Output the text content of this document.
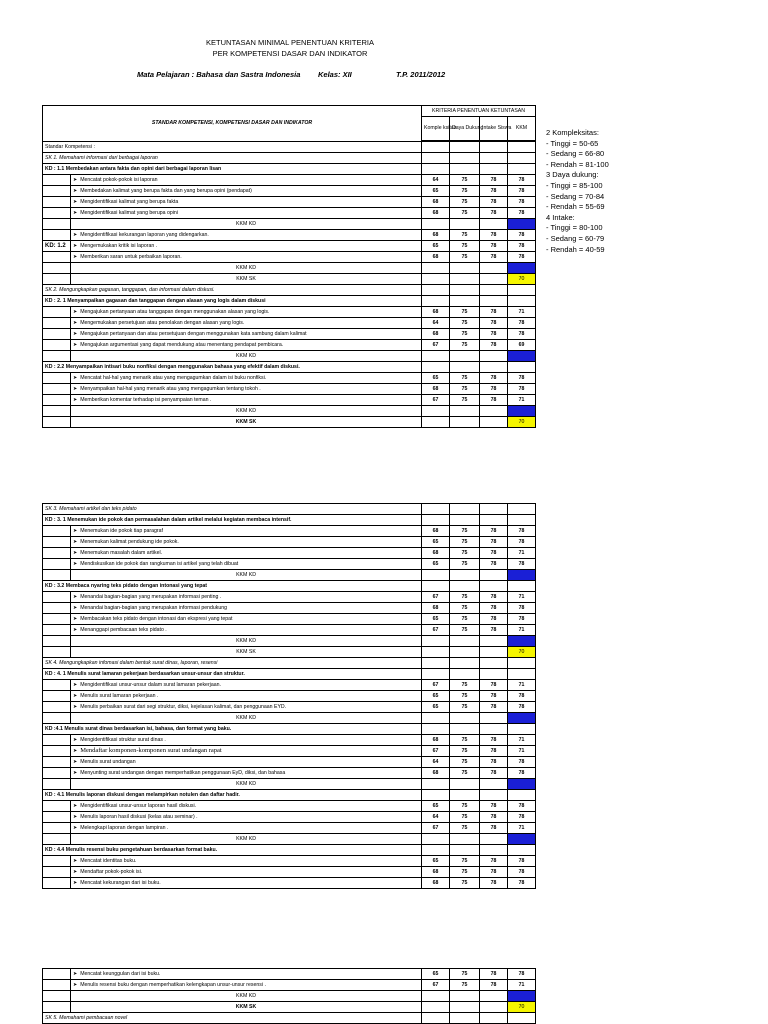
KETUNTASAN MINIMAL PENENTUAN KRITERIA
PER KOMPETENSI DASAR DAN INDIKATOR
Mata Pelajaran : Bahasa dan Sastra Indonesia Kelas: XII	T.P. 2011/2012
STANDAR KOMPETENSI, KOMPETENSI DASAR DAN INDIKATOR		KRITERIA PENENTUAN KETUNTASAN			
		Komple ksitas	Daya Dukung	Intake Siswa	KKM

Standar Kompetensi :					
SK 1. Memahami informasi dari berbagai laporan					
KD : 1.1 Membedakan antara fakta dan opini dari berbagai laporan lisan					
	➤ Mencatat pokok-pokok isi laporan	64	75	78	78
	➤ Membedakan kalimat yang berupa fakta dan yang berupa opini (pendapat)	65	75	78	78
	➤ Mengidentifikasi kalimat yang berupa fakta	68	75	78	78
	➤ Mengidentifikasi kalimat yang berupa opini	68	75	78	78
	KKM KD				
	➤ Mengidentifikasi kekurangan laporan yang didengarkan.	68	75	78	78
KD: 1.2	➤ Mengemukakan kritik isi laporan .	65	75	78	78
	➤ Memberikan saran untuk perbaikan laporan.	68	75	78	78
	KKM KD				
	KKM SK				70
SK 2. Mengungkapkan gagasan, tanggapan, dan informasi dalam diskusi.					
KD : 2. 1 Menyampaikan gagasan dan tanggapan dengan alasan yang logis dalam diskusi					
	➤ Mengajukan pertanyaan atau tanggapan dengan menggunakan alasan yang logis.	68	75	78	71
	➤ Mengemukakan persetujuan atau penolakan dengan alasan yang logis.	64	75	78	78
	➤ Mengajukan pertanyaan dan atau persetujuan dengan menggunakan kata sambung dalam kalimat	68	75	78	78
	➤ Mengajukan argumentasi yang dapat mendukung atau menentang pendapat pembicara.	67	75	78	69
	KKM KD				
KD : 2.2 Menyampaikan intisari buku nonfiksi dengan menggunakan bahasa yang efektif dalam diskusi.					
	➤ Mencatat hal-hal yang menarik atau yang mengagumkan dalam isi buku nonfiksi.	65	75	78	78
	➤ Menyampaikan hal-hal yang menarik atau yang mengagumkan tentang tokoh .	68	75	78	78
	➤ Memberikan komentar terhadap isi penyampaian teman .	67	75	78	71
	KKM KD				
	KKM SK				70
SK 3. Memahami artikel dan teks pidato					
KD : 3. 1 Menemukan ide pokok dan permasalahan dalam artikel melalui kegiatan membaca intensif.					
	➤ Menemukan ide pokok tiap paragraf	68	75	78	78
	➤ Menemukan kalimat pendukung ide pokok.	65	75	78	78
	➤ Menemukan masalah dalam artikel.	68	75	78	71
	➤ Mendiskusikan ide pokok dan rangkuman isi artikel yang telah dibuat	65	75	78	78
	KKM KD				
KD : 3.2 Membaca nyaring teks pidato dengan intonasi yang tepat					
	➤ Menandai bagian-bagian yang merupakan informasi penting .	67	75	78	71
	➤ Menandai bagian-bagian yang merupakan informasi pendukung	68	75	78	78
	➤ Membacakan teks pidato dengan intonasi dan ekspresi yang tepat	65	75	78	78
	➤ Menanggapi pembacaan teks pidato .	67	75	78	71
	KKM KD				
	KKM SK				70
SK 4. Mengungkapkan infomasi dalam bentuk surat dinas, laporan, resensi					
KD : 4. 1 Menulis surat lamaran pekerjaan berdasarkan unsur-unsur dan struktur.					
	➤ Mengidentifikasi unsur-unsur dalam surat lamaran pekerjaan.	67	75	78	71
	➤ Menulis surat lamaran pekerjaan .	65	75	78	78
	➤ Menulis perbaikan surat dari segi struktur, diksi, kejelasan kalimat, dan penggunaan EYD.	65	75	78	78
	KKM KD				
KD :4.1 Menulis surat dinas berdasarkan isi, bahasa, dan format yang baku.					
	➤ Mengidentifikasi struktur surat dinas .	68	75	78	71
	➤ Mendaftar komponen-komponen surat undangan rapat	67	75	78	71
	➤ Menulis surat undangan	64	75	78	78
	➤ Menyunting surat undangan dengan memperhatikan penggunaan EyD, diksi, dan bahasa	68	75	78	78
	KKM KD				
KD : 4.1 Menulis laporan diskusi dengan melampirkan notulen dan daftar hadir.					
	➤ Mengidentifikasi unsur-unsur laporan hasil diskusi.	65	75	78	78
	➤ Menulis laporan hasil diskusi (kelas atau seminar) .	64	75	78	78
	➤ Melengkapi laporan dengan lampiran .	67	75	78	71
	KKM KD				
KD : 4.4 Menulis resensi buku pengetahuan berdasarkan format baku.					
	➤ Mencatat identitas buku.	65	75	78	78
	➤ Mendaftar pokok-pokok isi.	68	75	78	78
	➤ Mencatat kekurangan dari isi buku.	68	75	78	78
	➤ Mencatat keunggulan dari isi buku.	65	75	78	78
	➤ Menulis resensi buku dengan memperhatikan kelengkapan unsur-unsur resensi .	67	75	78	71
	KKM KD				
	KKM SK				70
SK 5. Memahami pembacaan novel					
2 Kompleksitas:
- Tinggi = 50-65
- Sedang = 66-80
- Rendah = 81-100
3 Daya dukung:
- Tinggi = 85-100
- Sedang = 70-84
- Rendah = 55-69
4 Intake:
- Tinggi = 80-100
- Sedang = 60-79
- Rendah = 40-59
